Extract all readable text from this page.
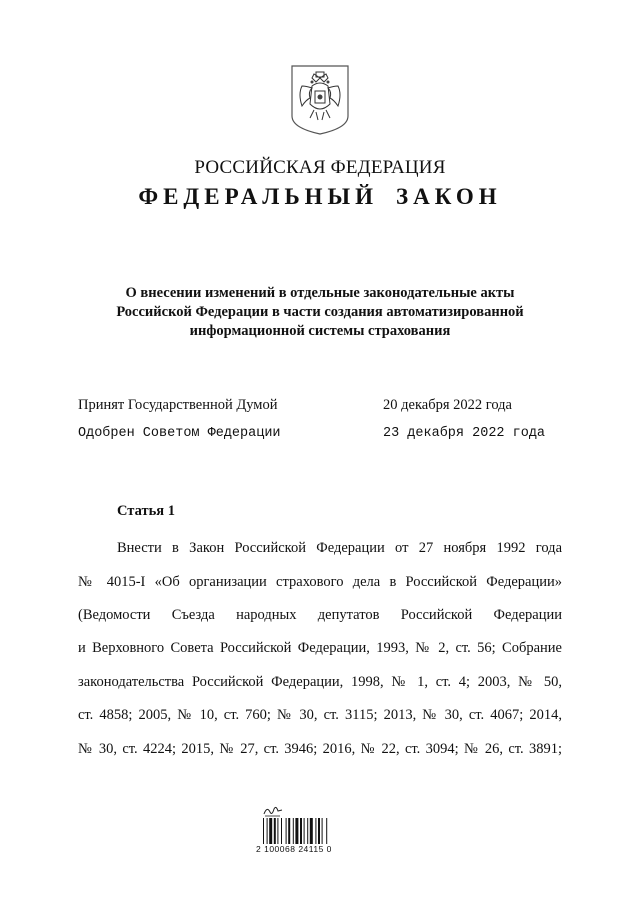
РОССИЙСКАЯ ФЕДЕРАЦИЯ
ФЕДЕРАЛЬНЫЙ ЗАКОН
О внесении изменений в отдельные законодательные акты
Российской Федерации в части создания автоматизированной
информационной системы страхования
Принят Государственной Думой	20 декабря 2022 года
Одобрен Советом Федерации	23 декабря 2022 года
Статья 1
Внести в Закон Российской Федерации от 27 ноября 1992 года
№ 4015-I «Об организации страхового дела в Российской Федерации»
(Ведомости Съезда народных депутатов Российской Федерации
и Верховного Совета Российской Федерации, 1993, № 2, ст. 56; Собрание
законодательства Российской Федерации, 1998, № 1, ст. 4; 2003, № 50,
ст. 4858; 2005, № 10, ст. 760; № 30, ст. 3115; 2013, № 30, ст. 4067; 2014,
№ 30, ст. 4224; 2015, № 27, ст. 3946; 2016, № 22, ст. 3094; № 26, ст. 3891;
2 100068 24115 0
